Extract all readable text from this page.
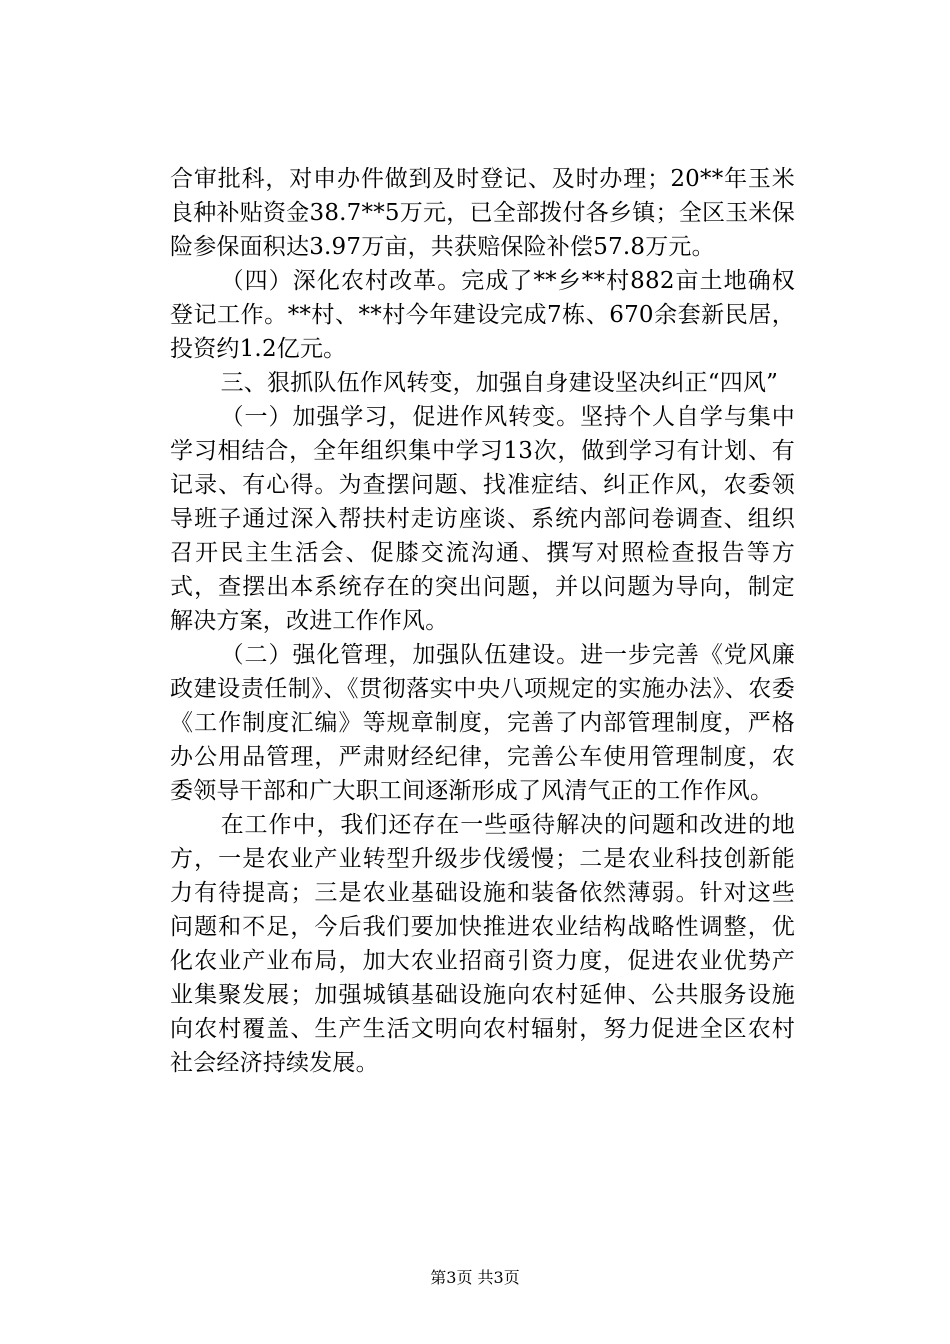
合审批科，对申办件做到及时登记、及时办理；20**年玉米良种补贴资金38.7**5万元，已全部拨付各乡镇；全区玉米保险参保面积达3.97万亩，共获赔保险补偿57.8万元。

（四）深化农村改革。完成了**乡**村882亩土地确权登记工作。**村、**村今年建设完成7栋、670余套新民居，投资约1.2亿元。

三、狠抓队伍作风转变，加强自身建设坚决纠正“四风”

（一）加强学习，促进作风转变。坚持个人自学与集中学习相结合，全年组织集中学习13次，做到学习有计划、有记录、有心得。为查摆问题、找准症结、纠正作风，农委领导班子通过深入帮扶村走访座谈、系统内部问卷调查、组织召开民主生活会、促膝交流沟通、撰写对照检查报告等方式，查摆出本系统存在的突出问题，并以问题为导向，制定解决方案，改进工作作风。

（二）强化管理，加强队伍建设。进一步完善《党风廉政建设责任制》、《贯彻落实中央八项规定的实施办法》、农委《工作制度汇编》等规章制度，完善了内部管理制度，严格办公用品管理，严肃财经纪律，完善公车使用管理制度，农委领导干部和广大职工间逐渐形成了风清气正的工作作风。

在工作中，我们还存在一些亟待解决的问题和改进的地方，一是农业产业转型升级步伐缓慢；二是农业科技创新能力有待提高；三是农业基础设施和装备依然薄弱。针对这些问题和不足，今后我们要加快推进农业结构战略性调整，优化农业产业布局，加大农业招商引资力度，促进农业优势产业集聚发展；加强城镇基础设施向农村延伸、公共服务设施向农村覆盖、生产生活文明向农村辐射，努力促进全区农村社会经济持续发展。

第3页 共3页
